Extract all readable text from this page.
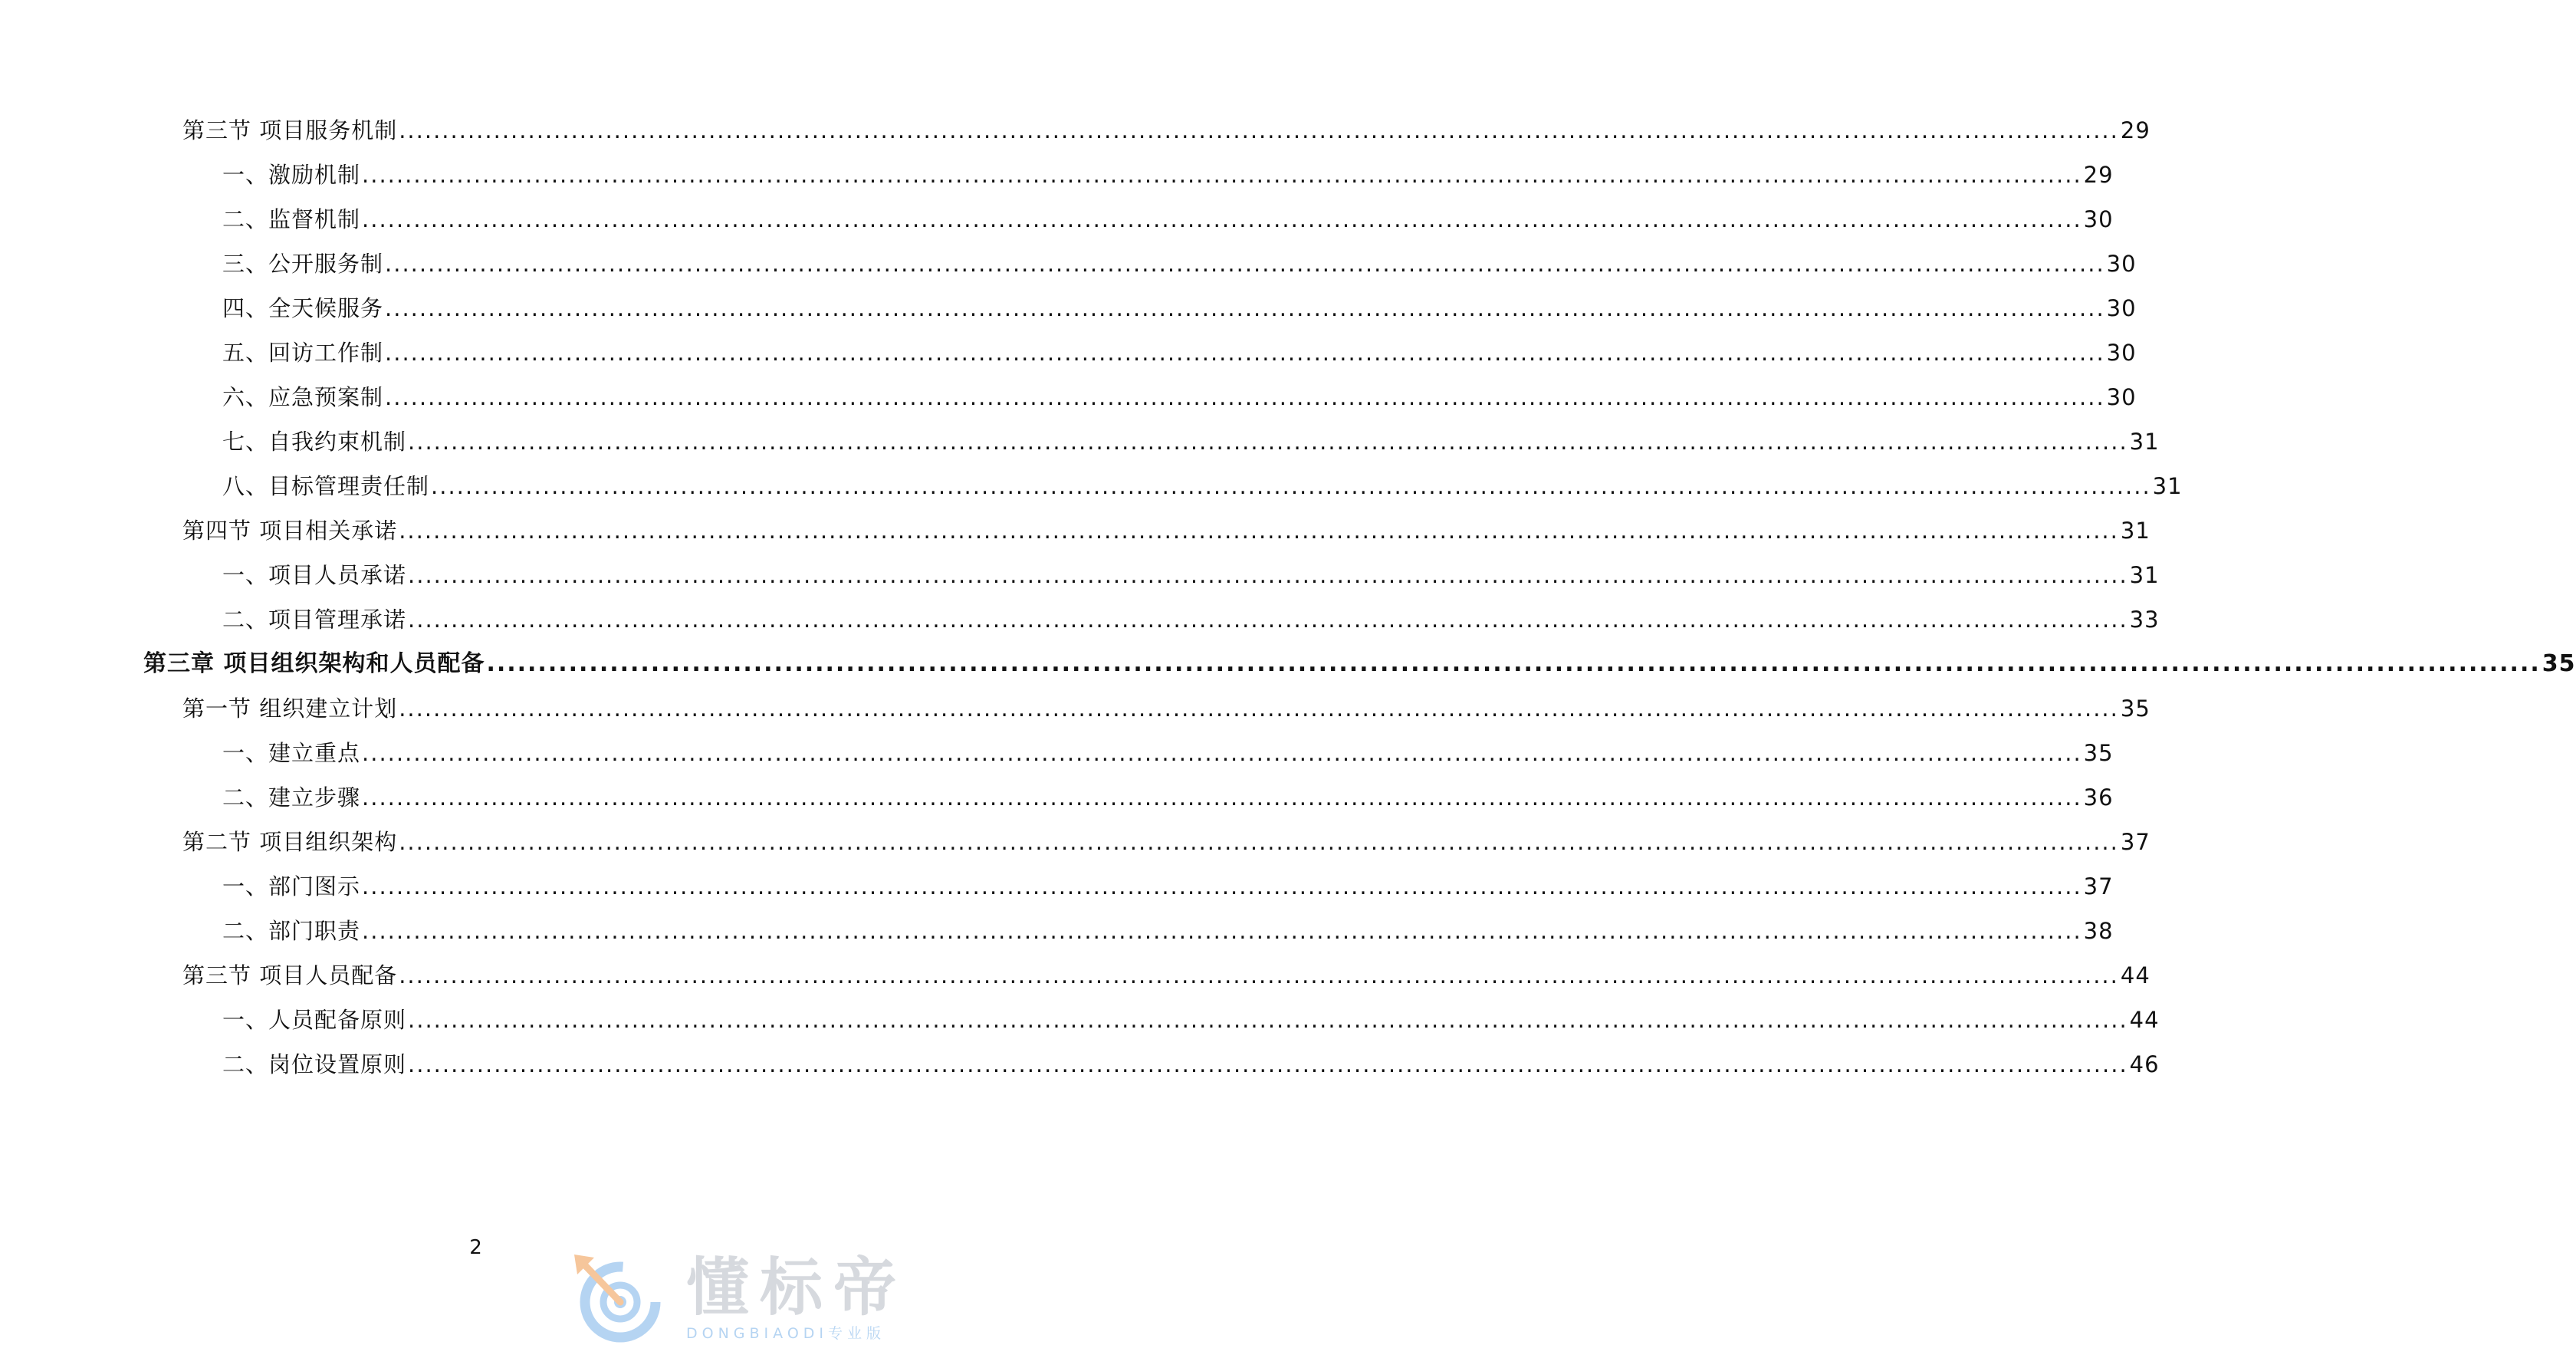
第三节 项目服务机制 ........................................................................................................................................................................................................ 29
一、激励机制 ........................................................................................................................................................................................................ 29
二、监督机制 ........................................................................................................................................................................................................ 30
三、公开服务制 ........................................................................................................................................................................................................ 30
四、全天候服务 ........................................................................................................................................................................................................ 30
五、回访工作制 ........................................................................................................................................................................................................ 30
六、应急预案制 ........................................................................................................................................................................................................ 30
七、自我约束机制 ........................................................................................................................................................................................................ 31
八、目标管理责任制 ........................................................................................................................................................................................................ 31
第四节 项目相关承诺 ........................................................................................................................................................................................................ 31
一、项目人员承诺 ........................................................................................................................................................................................................ 31
二、项目管理承诺 ........................................................................................................................................................................................................ 33
第三章 项目组织架构和人员配备 ........................................................................................................................................................................................................ 35
第一节 组织建立计划 ........................................................................................................................................................................................................ 35
一、建立重点 ........................................................................................................................................................................................................ 35
二、建立步骤 ........................................................................................................................................................................................................ 36
第二节 项目组织架构 ........................................................................................................................................................................................................ 37
一、部门图示 ........................................................................................................................................................................................................ 37
二、部门职责 ........................................................................................................................................................................................................ 38
第三节 项目人员配备 ........................................................................................................................................................................................................ 44
一、人员配备原则 ........................................................................................................................................................................................................ 44
二、岗位设置原则 ........................................................................................................................................................................................................ 46
2
懂标帝
DONGBIAODI专业版
